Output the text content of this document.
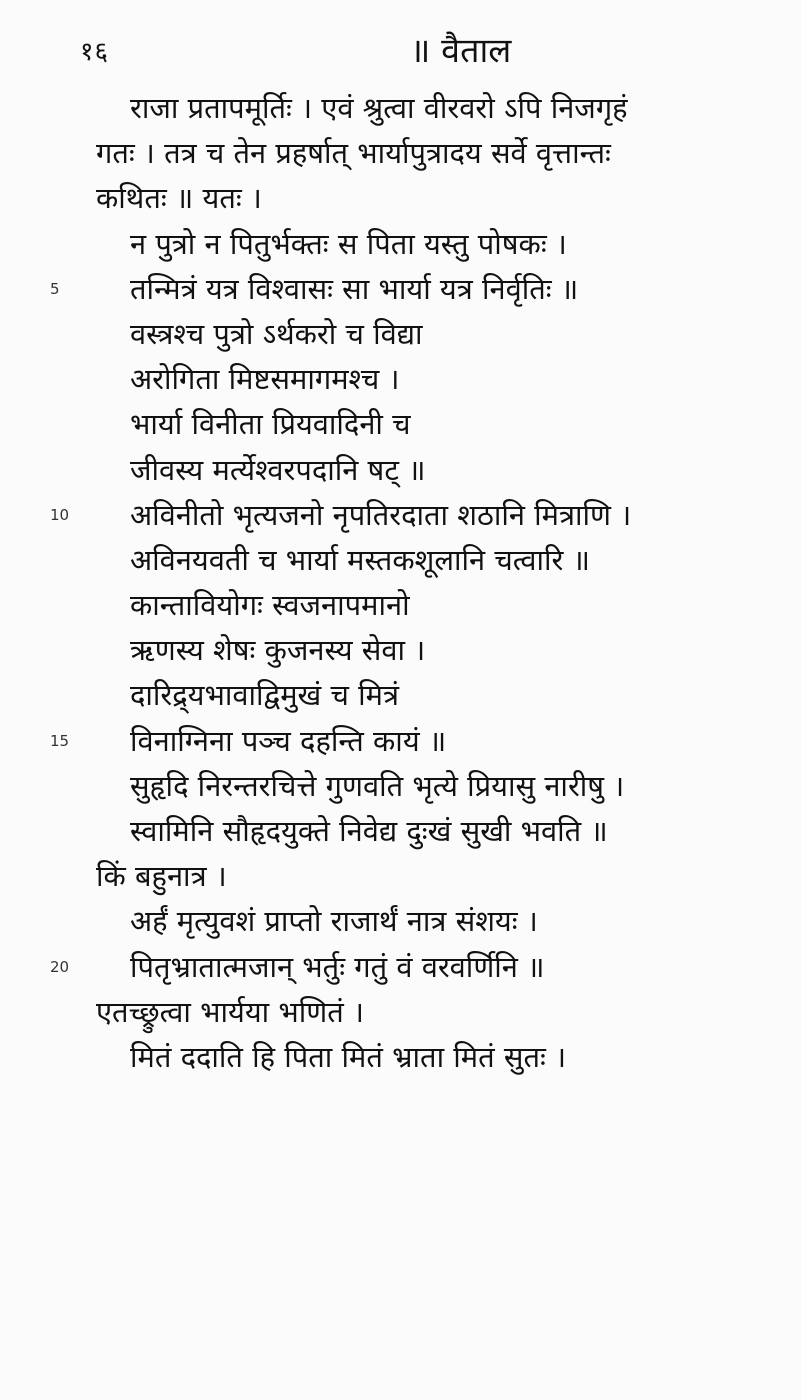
१६	॥ वैताल
राजा प्रतापमूर्तिः । एवं श्रुत्वा वीरवरो ऽपि निजगृहं
गतः । तत्र च तेन प्रहर्षात् भार्यापुत्रादय सर्वे वृत्तान्तः
कथितः ॥ यतः ।
न पुत्रो न पितुर्भक्तः स पिता यस्तु पोषकः ।
5 तन्मित्रं यत्र विश्वासः सा भार्या यत्र निर्वृतिः ॥
वस्त्रश्च पुत्रो ऽर्थकरो च विद्या
अरोगिता मिष्टसमागमश्च ।
भार्या विनीता प्रियवादिनी च
जीवस्य मर्त्येश्वरपदानि षट् ॥
10 अविनीतो भृत्यजनो नृपतिरदाता शठानि मित्राणि ।
अविनयवती च भार्या मस्तकशूलानि चत्वारि ॥
कान्तावियोगः स्वजनापमानो
ऋणस्य शेषः कुजनस्य सेवा ।
दारिद्र्यभावाद्विमुखं च मित्रं
15 विनाग्निना पञ्च दहन्ति कायं ॥
सुहृदि निरन्तरचित्ते गुणवति भृत्ये प्रियासु नारीषु ।
स्वामिनि सौहृदयुक्ते निवेद्य दुःखं सुखी भवति ॥
किं बहुनात्र ।
अर्हं मृत्युवशं प्राप्तो राजार्थं नात्र संशयः ।
20 पितृभ्रातात्मजान् भर्तुः गतुं वं वरवर्णिनि ॥
एतच्छ्रुत्वा भार्यया भणितं ।
मितं ददाति हि पिता मितं भ्राता मितं सुतः ।
